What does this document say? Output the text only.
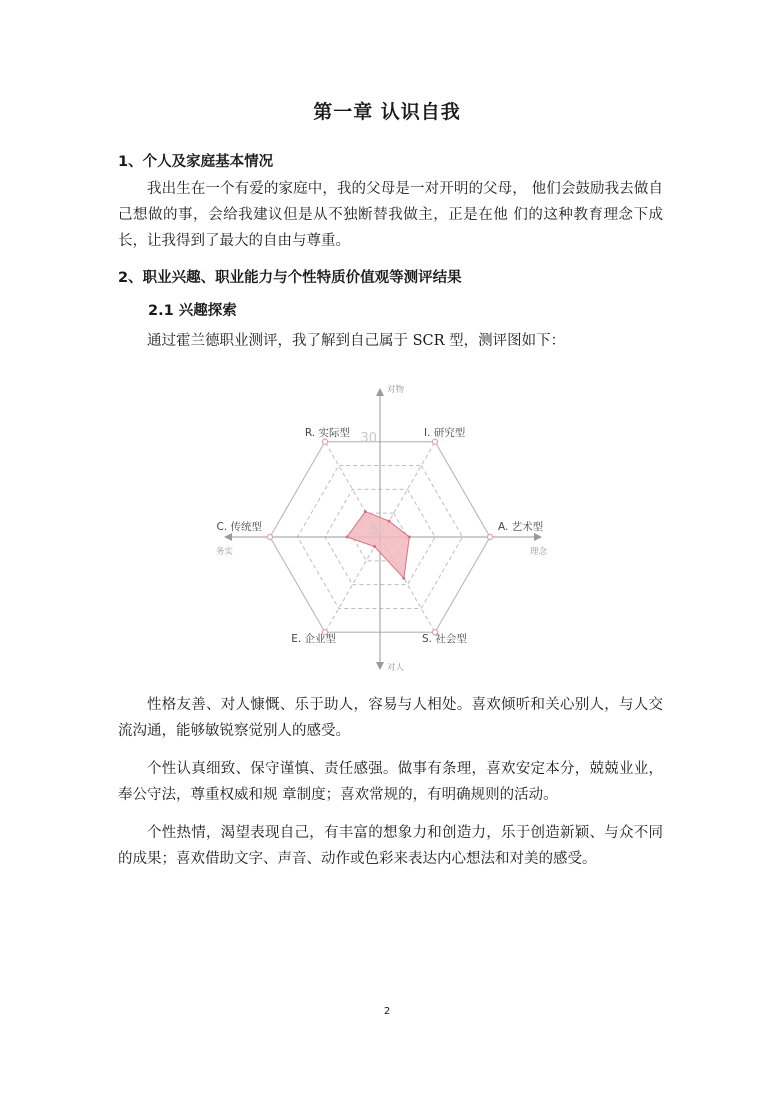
第一章 认识自我
1、个人及家庭基本情况

我出生在一个有爱的家庭中，我的父母是一对开明的父母， 他们会鼓励我去做自己想做的事，会给我建议但是从不独断替我做主，正是在他 们的这种教育理念下成长，让我得到了最大的自由与尊重。

2、职业兴趣、职业能力与个性特质价值观等测评结果
2.1 兴趣探索

通过霍兰德职业测评，我了解到自己属于 SCR 型，测评图如下：

I. 研究型
A. 艺术型
S. 社会型
E. 企业型
C. 传统型
R. 实际型 30
0
对物
对人
务实	理念

性格友善、对人慷慨、乐于助人，容易与人相处。喜欢倾听和关心别人，与人交流沟通，能够敏锐察觉别人的感受。

个性认真细致、保守谨慎、责任感强。做事有条理，喜欢安定本分，兢兢业业，奉公守法，尊重权威和规 章制度；喜欢常规的，有明确规则的活动。

个性热情，渴望表现自己，有丰富的想象力和创造力，乐于创造新颖、与众不同的成果；喜欢借助文字、声音、动作或色彩来表达内心想法和对美的感受。

2
